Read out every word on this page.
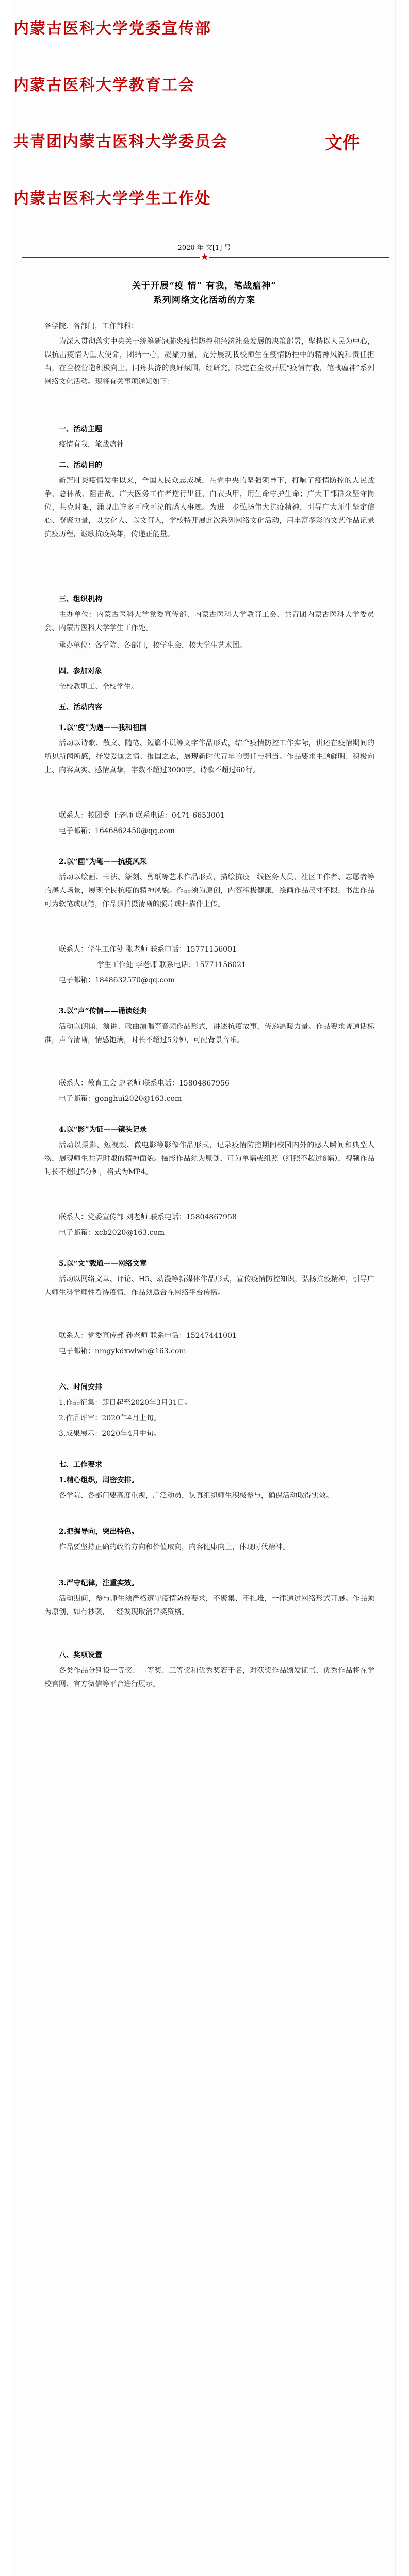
内蒙古医科大学党委宣传部
内蒙古医科大学教育工会
共青团内蒙古医科大学委员会
内蒙古医科大学学生工作处
文件
2020 年 文[1] 号
★
关于开展“疫 情” 有我，笔战瘟神”
系列网络文化活动的方案
各学院、各部门，工作部科：
为深入贯彻落实中央关于统筹新冠肺炎疫情防控和经济社会发展的决策部署，坚持以人民为中心，以抗击疫情为重大使命，团结一心，凝聚力量，充分展现我校师生在疫情防控中的精神风貌和责任担当，在全校营造积极向上、同舟共济的良好氛围，经研究，决定在全校开展“疫情有我，笔战瘟神”系列网络文化活动。现将有关事项通知如下：
一、活动主题
疫情有我，笔战瘟神
二、活动目的
新冠肺炎疫情发生以来，全国人民众志成城，在党中央的坚强领导下，打响了疫情防控的人民战争、总体战、阻击战。广大医务工作者逆行出征，白衣执甲，用生命守护生命；广大干部群众坚守岗位，共克时艰，涌现出许多可歌可泣的感人事迹。为进一步弘扬伟大抗疫精神，引导广大师生坚定信心、凝聚力量，以文化人、以文育人，学校特开展此次系列网络文化活动，用丰富多彩的文艺作品记录抗疫历程，讴歌抗疫英雄，传递正能量。
三、组织机构
主办单位：内蒙古医科大学党委宣传部、内蒙古医科大学教育工会、共青团内蒙古医科大学委员会、内蒙古医科大学学生工作处。
承办单位：各学院、各部门，校学生会，校大学生艺术团。
四、参加对象
全校教职工、全校学生。
五、活动内容
1.以“疫”为题——我和祖国
活动以诗歌、散文、随笔、短篇小说等文字作品形式，结合疫情防控工作实际，讲述在疫情期间的所见所闻所感，抒发爱国之情、报国之志，展现新时代青年的责任与担当。作品要求主题鲜明、积极向上、内容真实、感情真挚，字数不超过3000字。诗歌不超过60行。
联系人：校团委 王老师 联系电话：0471-6653001
电子邮箱：1646862450@qq.com
2.以“画”为笔——抗疫风采
活动以绘画、书法、篆刻、剪纸等艺术作品形式，描绘抗疫一线医务人员、社区工作者、志愿者等的感人场景，展现全民抗疫的精神风貌。作品须为原创，内容积极健康，绘画作品尺寸不限，书法作品可为软笔或硬笔，作品须拍摄清晰的照片或扫描件上传。
联系人：学生工作处 张老师 联系电话：15771156001
学生工作处 李老师 联系电话：15771156021
电子邮箱：1848632570@qq.com
3.以“声”传情——诵读经典
活动以朗诵、演讲、歌曲演唱等音频作品形式，讲述抗疫故事，传递温暖力量。作品要求普通话标准，声音清晰，情感饱满，时长不超过5分钟，可配背景音乐。
联系人：教育工会 赵老师 联系电话：15804867956
电子邮箱：gonghui2020@163.com
4.以“影”为证——镜头记录
活动以摄影、短视频、微电影等影像作品形式，记录疫情防控期间校园内外的感人瞬间和典型人物，展现师生共克时艰的精神面貌。摄影作品须为原创，可为单幅或组照（组照不超过6幅），视频作品时长不超过5分钟，格式为MP4。
联系人：党委宣传部 刘老师 联系电话：15804867958
电子邮箱：xcb2020@163.com
5.以“文”载道——网络文章
活动以网络文章、评论、H5、动漫等新媒体作品形式，宣传疫情防控知识，弘扬抗疫精神，引导广大师生科学理性看待疫情，作品须适合在网络平台传播。
联系人：党委宣传部 孙老师 联系电话：15247441001
电子邮箱：nmgykdxwlwh@163.com
六、时间安排
1.作品征集：即日起至2020年3月31日。
2.作品评审：2020年4月上旬。
3.成果展示：2020年4月中旬。
七、工作要求
1.精心组织，周密安排。
各学院、各部门要高度重视，广泛动员，认真组织师生积极参与，确保活动取得实效。
2.把握导向，突出特色。
作品要坚持正确的政治方向和价值取向，内容健康向上，体现时代精神。
3.严守纪律，注重实效。
活动期间，参与师生须严格遵守疫情防控要求，不聚集、不扎堆，一律通过网络形式开展。作品须为原创，如有抄袭，一经发现取消评奖资格。
八、奖项设置
各类作品分别设一等奖、二等奖、三等奖和优秀奖若干名，对获奖作品颁发证书，优秀作品将在学校官网、官方微信等平台进行展示。
